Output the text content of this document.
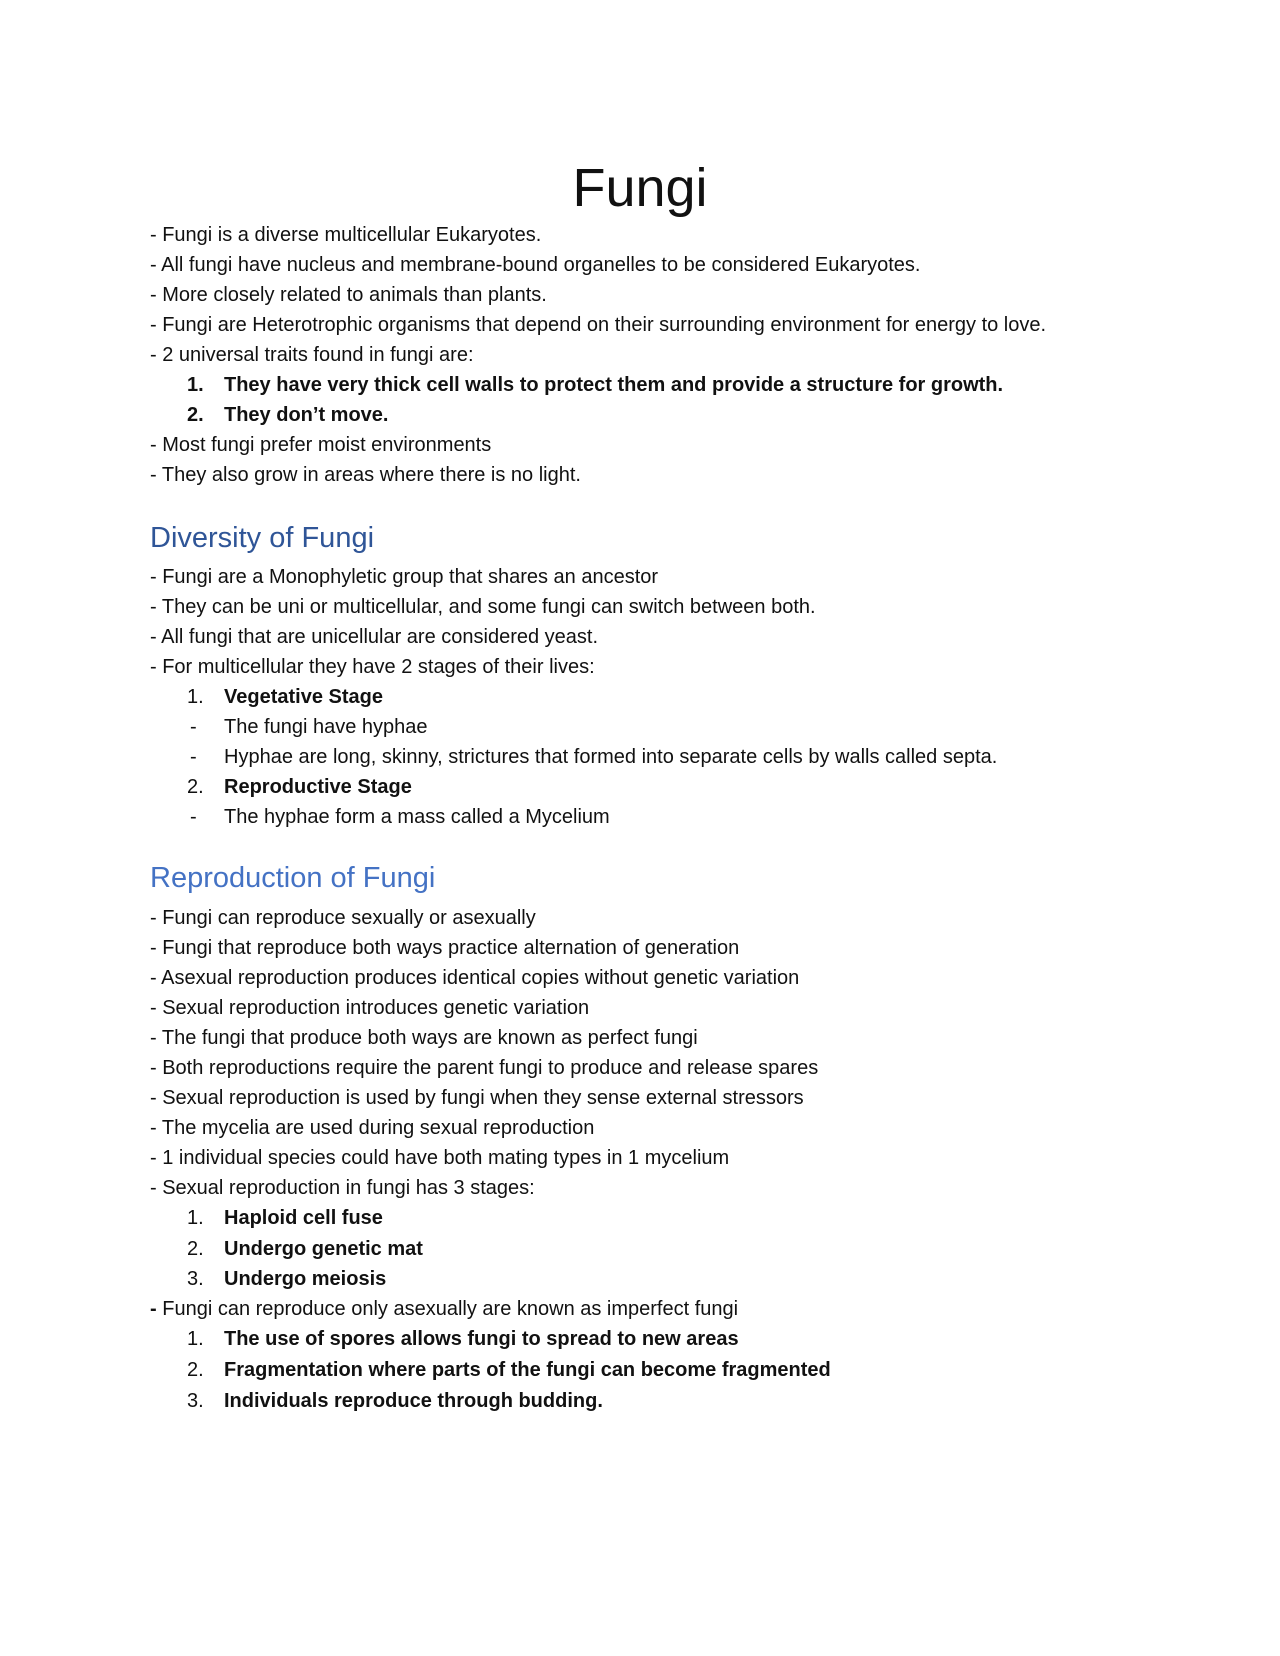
Fungi
- Fungi is a diverse multicellular Eukaryotes.
- All fungi have nucleus and membrane-bound organelles to be considered Eukaryotes.
- More closely related to animals than plants.
- Fungi are Heterotrophic organisms that depend on their surrounding environment for energy to love.
- 2 universal traits found in fungi are:
1. They have very thick cell walls to protect them and provide a structure for growth.
2. They don’t move.
- Most fungi prefer moist environments
- They also grow in areas where there is no light.
Diversity of Fungi
- Fungi are a Monophyletic group that shares an ancestor
- They can be uni or multicellular, and some fungi can switch between both.
- All fungi that are unicellular are considered yeast.
- For multicellular they have 2 stages of their lives:
1. Vegetative Stage
- The fungi have hyphae
- Hyphae are long, skinny, strictures that formed into separate cells by walls called septa.
2. Reproductive Stage
- The hyphae form a mass called a Mycelium
Reproduction of Fungi
- Fungi can reproduce sexually or asexually
- Fungi that reproduce both ways practice alternation of generation
- Asexual reproduction produces identical copies without genetic variation
- Sexual reproduction introduces genetic variation
- The fungi that produce both ways are known as perfect fungi
- Both reproductions require the parent fungi to produce and release spares
- Sexual reproduction is used by fungi when they sense external stressors
- The mycelia are used during sexual reproduction
- 1 individual species could have both mating types in 1 mycelium
- Sexual reproduction in fungi has 3 stages:
1. Haploid cell fuse
2. Undergo genetic mat
3. Undergo meiosis
- Fungi can reproduce only asexually are known as imperfect fungi
1. The use of spores allows fungi to spread to new areas
2. Fragmentation where parts of the fungi can become fragmented
3. Individuals reproduce through budding.
